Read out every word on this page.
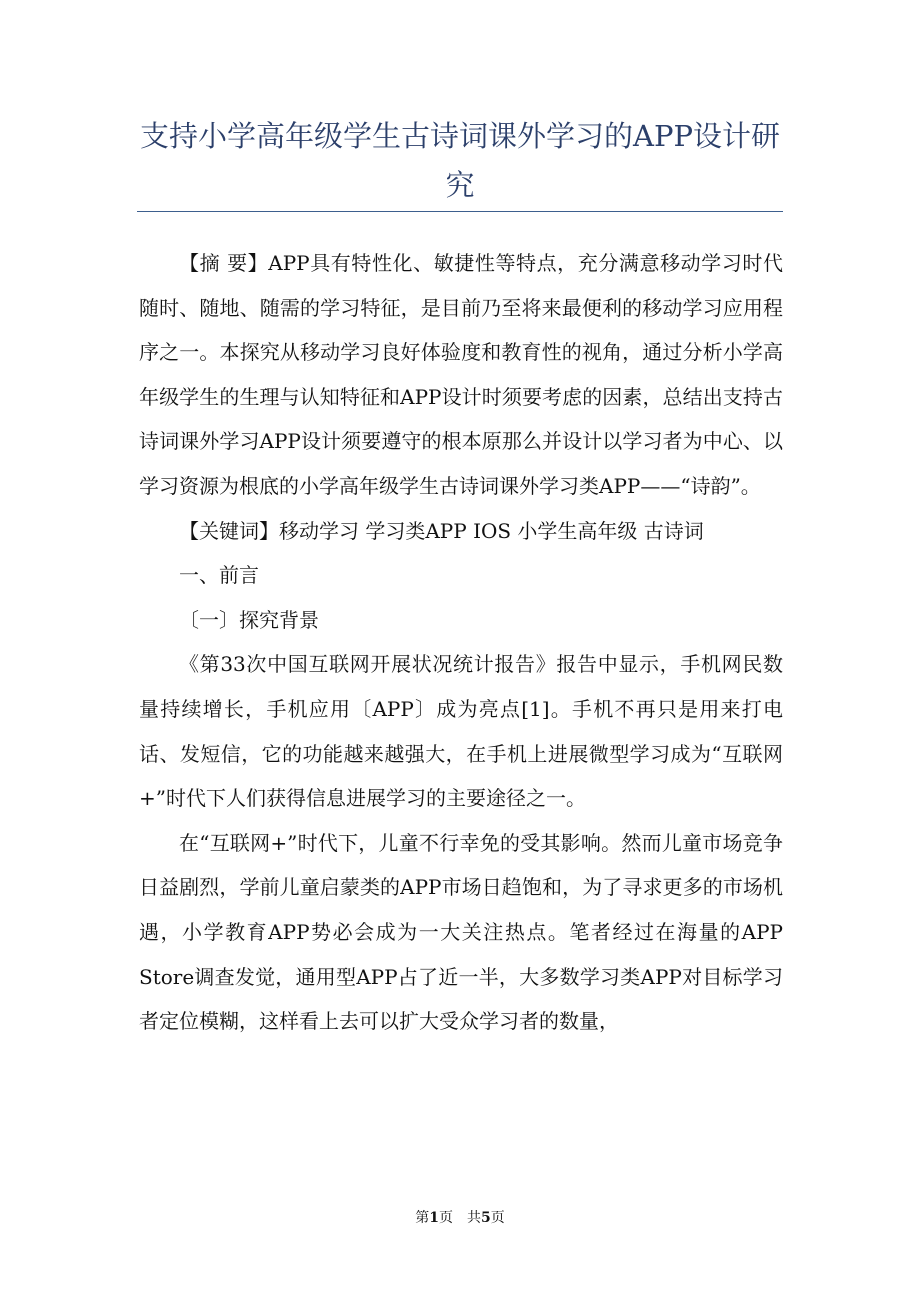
支持小学高年级学生古诗词课外学习的APP设计研究

【摘 要】APP具有特性化、敏捷性等特点，充分满意移动学习时代随时、随地、随需的学习特征，是目前乃至将来最便利的移动学习应用程序之一。本探究从移动学习良好体验度和教育性的视角，通过分析小学高年级学生的生理与认知特征和APP设计时须要考虑的因素，总结出支持古诗词课外学习APP设计须要遵守的根本原那么并设计以学习者为中心、以学习资源为根底的小学高年级学生古诗词课外学习类APP——“诗韵”。

【关键词】移动学习 学习类APP IOS 小学生高年级 古诗词

一、前言

〔一〕探究背景

《第33次中国互联网开展状况统计报告》报告中显示，手机网民数量持续增长，手机应用〔APP〕成为亮点[1]。手机不再只是用来打电话、发短信，它的功能越来越强大，在手机上进展微型学习成为“互联网+”时代下人们获得信息进展学习的主要途径之一。

在“互联网+”时代下，儿童不行幸免的受其影响。然而儿童市场竞争日益剧烈，学前儿童启蒙类的APP市场日趋饱和，为了寻求更多的市场机遇，小学教育APP势必会成为一大关注热点。笔者经过在海量的APP Store调查发觉，通用型APP占了近一半，大多数学习类APP对目标学习者定位模糊，这样看上去可以扩大受众学习者的数量，

第1页　共5页
